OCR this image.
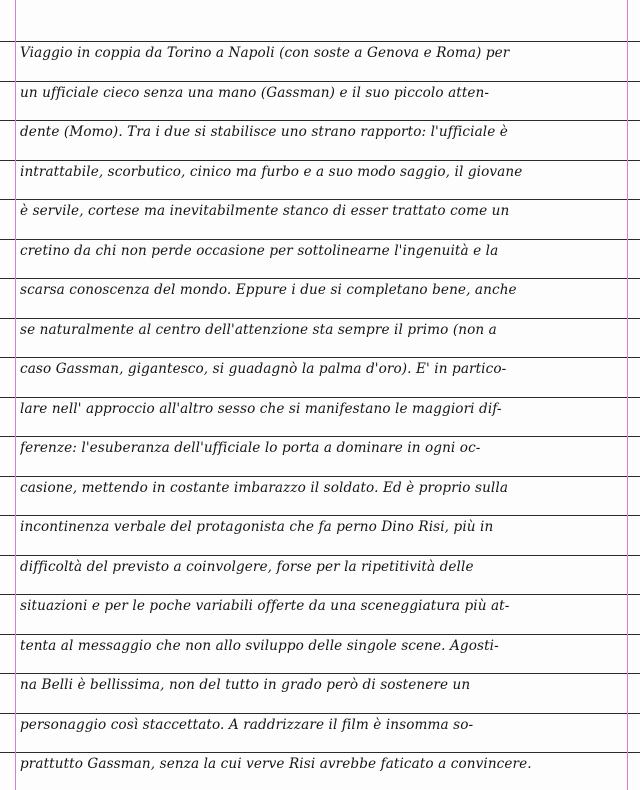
Viaggio in coppia da Torino a Napoli (con soste a Genova e Roma) per
un ufficiale cieco senza una mano (Gassman) e il suo piccolo atten-
dente (Momo). Tra i due si stabilisce uno strano rapporto: l'ufficiale è
intrattabile, scorbutico, cinico ma furbo e a suo modo saggio, il giovane
è servile, cortese ma inevitabilmente stanco di esser trattato come un
cretino da chi non perde occasione per sottolinearne l'ingenuità e la
scarsa conoscenza del mondo. Eppure i due si completano bene, anche
se naturalmente al centro dell'attenzione sta sempre il primo (non a
caso Gassman, gigantesco, si guadagnò la palma d'oro). E' in partico-
lare nell' approccio all'altro sesso che si manifestano le maggiori dif-
ferenze: l'esuberanza dell'ufficiale lo porta a dominare in ogni oc-
casione, mettendo in costante imbarazzo il soldato. Ed è proprio sulla
incontinenza verbale del protagonista che fa perno Dino Risi, più in
difficoltà del previsto a coinvolgere, forse per la ripetitività delle
situazioni e per le poche variabili offerte da una sceneggiatura più at-
tenta al messaggio che non allo sviluppo delle singole scene. Agosti-
na Belli è bellissima, non del tutto in grado però di sostenere un
personaggio così staccettato. A raddrizzare il film è insomma so-
prattutto Gassman, senza la cui verve Risi avrebbe faticato a convincere.
